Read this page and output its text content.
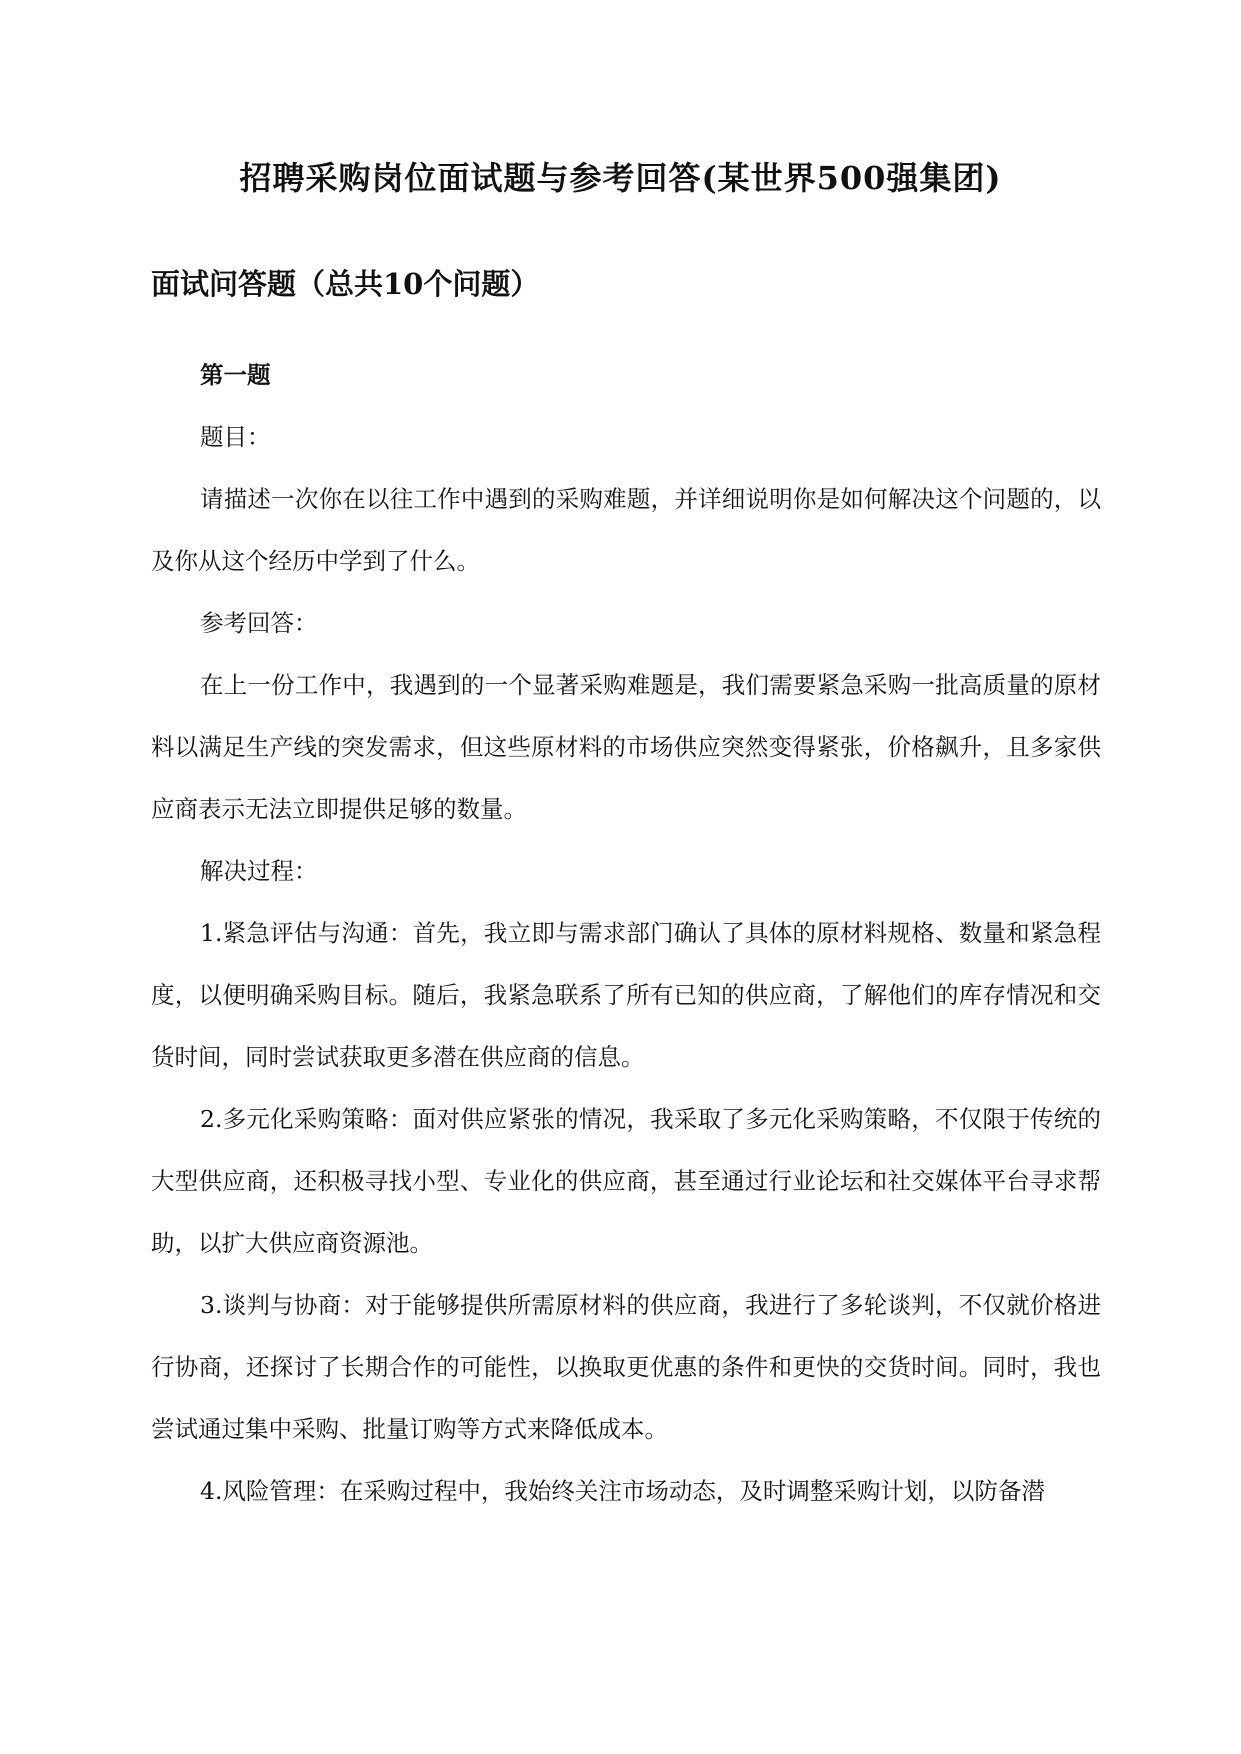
招聘采购岗位面试题与参考回答(某世界500强集团)
面试问答题（总共10个问题）

第一题

题目：

请描述一次你在以往工作中遇到的采购难题，并详细说明你是如何解决这个问题的，以及你从这个经历中学到了什么。

参考回答：

在上一份工作中，我遇到的一个显著采购难题是，我们需要紧急采购一批高质量的原材料以满足生产线的突发需求，但这些原材料的市场供应突然变得紧张，价格飙升，且多家供应商表示无法立即提供足够的数量。

解决过程：

1.紧急评估与沟通：首先，我立即与需求部门确认了具体的原材料规格、数量和紧急程度，以便明确采购目标。随后，我紧急联系了所有已知的供应商，了解他们的库存情况和交货时间，同时尝试获取更多潜在供应商的信息。

2.多元化采购策略：面对供应紧张的情况，我采取了多元化采购策略，不仅限于传统的大型供应商，还积极寻找小型、专业化的供应商，甚至通过行业论坛和社交媒体平台寻求帮助，以扩大供应商资源池。

3.谈判与协商：对于能够提供所需原材料的供应商，我进行了多轮谈判，不仅就价格进行协商，还探讨了长期合作的可能性，以换取更优惠的条件和更快的交货时间。同时，我也尝试通过集中采购、批量订购等方式来降低成本。

4.风险管理：在采购过程中，我始终关注市场动态，及时调整采购计划，以防备潜
